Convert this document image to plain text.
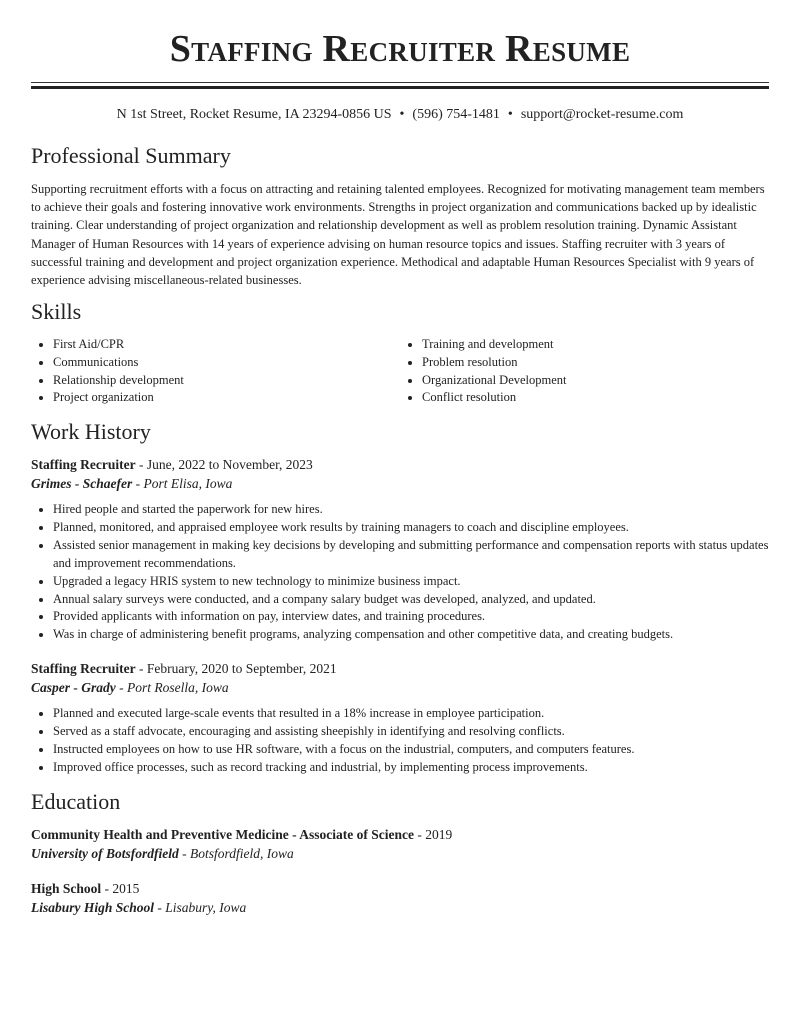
Staffing Recruiter Resume
N 1st Street, Rocket Resume, IA 23294-0856 US • (596) 754-1481 • support@rocket-resume.com
Professional Summary

Supporting recruitment efforts with a focus on attracting and retaining talented employees. Recognized for motivating management team members to achieve their goals and fostering innovative work environments. Strengths in project organization and communications backed up by idealistic training. Clear understanding of project organization and relationship development as well as problem resolution training. Dynamic Assistant Manager of Human Resources with 14 years of experience advising on human resource topics and issues. Staffing recruiter with 3 years of successful training and development and project organization experience. Methodical and adaptable Human Resources Specialist with 9 years of experience advising miscellaneous-related businesses.

Skills
• First Aid/CPR
• Communications
• Relationship development
• Project organization
• Training and development
• Problem resolution
• Organizational Development
• Conflict resolution
Work History
Staffing Recruiter - June, 2022 to November, 2023
Grimes - Schaefer - Port Elisa, Iowa
• Hired people and started the paperwork for new hires.
• Planned, monitored, and appraised employee work results by training managers to coach and discipline employees.
• Assisted senior management in making key decisions by developing and submitting performance and compensation reports with status updates and improvement recommendations.
• Upgraded a legacy HRIS system to new technology to minimize business impact.
• Annual salary surveys were conducted, and a company salary budget was developed, analyzed, and updated.
• Provided applicants with information on pay, interview dates, and training procedures.
• Was in charge of administering benefit programs, analyzing compensation and other competitive data, and creating budgets.
Staffing Recruiter - February, 2020 to September, 2021
Casper - Grady - Port Rosella, Iowa
• Planned and executed large-scale events that resulted in a 18% increase in employee participation.
• Served as a staff advocate, encouraging and assisting sheepishly in identifying and resolving conflicts.
• Instructed employees on how to use HR software, with a focus on the industrial, computers, and computers features.
• Improved office processes, such as record tracking and industrial, by implementing process improvements.
Education
Community Health and Preventive Medicine - Associate of Science - 2019
University of Botsfordfield - Botsfordfield, Iowa
High School - 2015
Lisabury High School - Lisabury, Iowa
